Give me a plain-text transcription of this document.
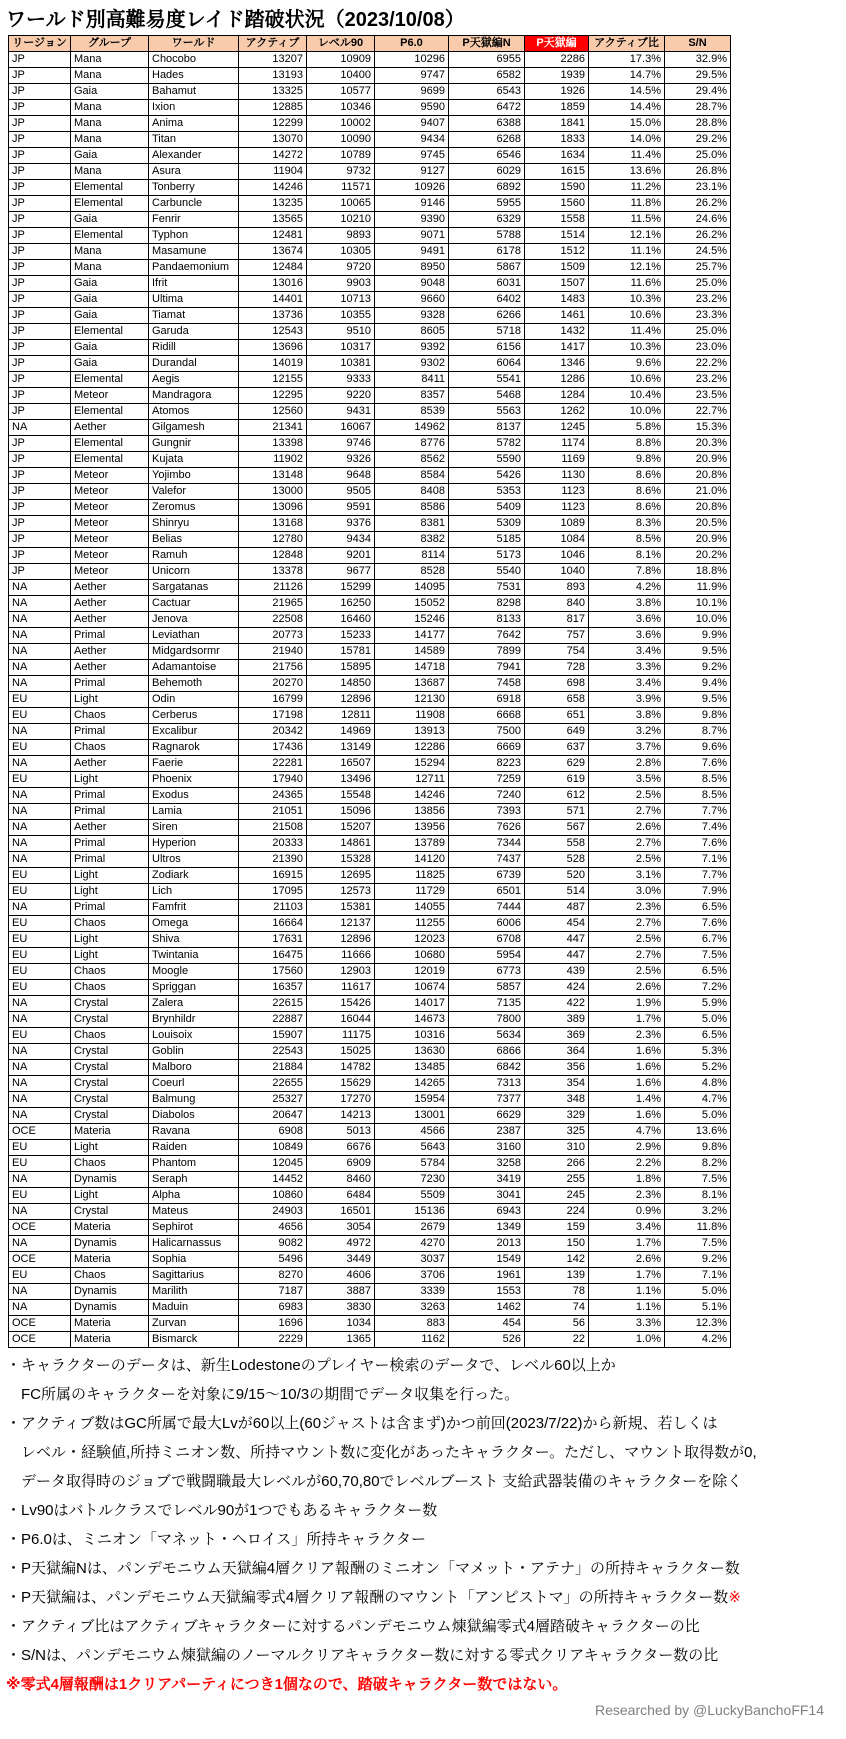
ワールド別高難易度レイド踏破状況（2023/10/08）
リージョン	グループ	ワールド	アクティブ	レベル90	P6.0	P天獄編N	P天獄編	アクティブ比	S/N
JP	Mana	Chocobo	13207	10909	10296	6955	2286	17.3%	32.9%
JP	Mana	Hades	13193	10400	9747	6582	1939	14.7%	29.5%
JP	Gaia	Bahamut	13325	10577	9699	6543	1926	14.5%	29.4%
JP	Mana	Ixion	12885	10346	9590	6472	1859	14.4%	28.7%
JP	Mana	Anima	12299	10002	9407	6388	1841	15.0%	28.8%
JP	Mana	Titan	13070	10090	9434	6268	1833	14.0%	29.2%
JP	Gaia	Alexander	14272	10789	9745	6546	1634	11.4%	25.0%
JP	Mana	Asura	11904	9732	9127	6029	1615	13.6%	26.8%
JP	Elemental	Tonberry	14246	11571	10926	6892	1590	11.2%	23.1%
JP	Elemental	Carbuncle	13235	10065	9146	5955	1560	11.8%	26.2%
JP	Gaia	Fenrir	13565	10210	9390	6329	1558	11.5%	24.6%
JP	Elemental	Typhon	12481	9893	9071	5788	1514	12.1%	26.2%
JP	Mana	Masamune	13674	10305	9491	6178	1512	11.1%	24.5%
JP	Mana	Pandaemonium	12484	9720	8950	5867	1509	12.1%	25.7%
JP	Gaia	Ifrit	13016	9903	9048	6031	1507	11.6%	25.0%
JP	Gaia	Ultima	14401	10713	9660	6402	1483	10.3%	23.2%
JP	Gaia	Tiamat	13736	10355	9328	6266	1461	10.6%	23.3%
JP	Elemental	Garuda	12543	9510	8605	5718	1432	11.4%	25.0%
JP	Gaia	Ridill	13696	10317	9392	6156	1417	10.3%	23.0%
JP	Gaia	Durandal	14019	10381	9302	6064	1346	9.6%	22.2%
JP	Elemental	Aegis	12155	9333	8411	5541	1286	10.6%	23.2%
JP	Meteor	Mandragora	12295	9220	8357	5468	1284	10.4%	23.5%
JP	Elemental	Atomos	12560	9431	8539	5563	1262	10.0%	22.7%
NA	Aether	Gilgamesh	21341	16067	14962	8137	1245	5.8%	15.3%
JP	Elemental	Gungnir	13398	9746	8776	5782	1174	8.8%	20.3%
JP	Elemental	Kujata	11902	9326	8562	5590	1169	9.8%	20.9%
JP	Meteor	Yojimbo	13148	9648	8584	5426	1130	8.6%	20.8%
JP	Meteor	Valefor	13000	9505	8408	5353	1123	8.6%	21.0%
JP	Meteor	Zeromus	13096	9591	8586	5409	1123	8.6%	20.8%
JP	Meteor	Shinryu	13168	9376	8381	5309	1089	8.3%	20.5%
JP	Meteor	Belias	12780	9434	8382	5185	1084	8.5%	20.9%
JP	Meteor	Ramuh	12848	9201	8114	5173	1046	8.1%	20.2%
JP	Meteor	Unicorn	13378	9677	8528	5540	1040	7.8%	18.8%
NA	Aether	Sargatanas	21126	15299	14095	7531	893	4.2%	11.9%
NA	Aether	Cactuar	21965	16250	15052	8298	840	3.8%	10.1%
NA	Aether	Jenova	22508	16460	15246	8133	817	3.6%	10.0%
NA	Primal	Leviathan	20773	15233	14177	7642	757	3.6%	9.9%
NA	Aether	Midgardsormr	21940	15781	14589	7899	754	3.4%	9.5%
NA	Aether	Adamantoise	21756	15895	14718	7941	728	3.3%	9.2%
NA	Primal	Behemoth	20270	14850	13687	7458	698	3.4%	9.4%
EU	Light	Odin	16799	12896	12130	6918	658	3.9%	9.5%
EU	Chaos	Cerberus	17198	12811	11908	6668	651	3.8%	9.8%
NA	Primal	Excalibur	20342	14969	13913	7500	649	3.2%	8.7%
EU	Chaos	Ragnarok	17436	13149	12286	6669	637	3.7%	9.6%
NA	Aether	Faerie	22281	16507	15294	8223	629	2.8%	7.6%
EU	Light	Phoenix	17940	13496	12711	7259	619	3.5%	8.5%
NA	Primal	Exodus	24365	15548	14246	7240	612	2.5%	8.5%
NA	Primal	Lamia	21051	15096	13856	7393	571	2.7%	7.7%
NA	Aether	Siren	21508	15207	13956	7626	567	2.6%	7.4%
NA	Primal	Hyperion	20333	14861	13789	7344	558	2.7%	7.6%
NA	Primal	Ultros	21390	15328	14120	7437	528	2.5%	7.1%
EU	Light	Zodiark	16915	12695	11825	6739	520	3.1%	7.7%
EU	Light	Lich	17095	12573	11729	6501	514	3.0%	7.9%
NA	Primal	Famfrit	21103	15381	14055	7444	487	2.3%	6.5%
EU	Chaos	Omega	16664	12137	11255	6006	454	2.7%	7.6%
EU	Light	Shiva	17631	12896	12023	6708	447	2.5%	6.7%
EU	Light	Twintania	16475	11666	10680	5954	447	2.7%	7.5%
EU	Chaos	Moogle	17560	12903	12019	6773	439	2.5%	6.5%
EU	Chaos	Spriggan	16357	11617	10674	5857	424	2.6%	7.2%
NA	Crystal	Zalera	22615	15426	14017	7135	422	1.9%	5.9%
NA	Crystal	Brynhildr	22887	16044	14673	7800	389	1.7%	5.0%
EU	Chaos	Louisoix	15907	11175	10316	5634	369	2.3%	6.5%
NA	Crystal	Goblin	22543	15025	13630	6866	364	1.6%	5.3%
NA	Crystal	Malboro	21884	14782	13485	6842	356	1.6%	5.2%
NA	Crystal	Coeurl	22655	15629	14265	7313	354	1.6%	4.8%
NA	Crystal	Balmung	25327	17270	15954	7377	348	1.4%	4.7%
NA	Crystal	Diabolos	20647	14213	13001	6629	329	1.6%	5.0%
OCE	Materia	Ravana	6908	5013	4566	2387	325	4.7%	13.6%
EU	Light	Raiden	10849	6676	5643	3160	310	2.9%	9.8%
EU	Chaos	Phantom	12045	6909	5784	3258	266	2.2%	8.2%
NA	Dynamis	Seraph	14452	8460	7230	3419	255	1.8%	7.5%
EU	Light	Alpha	10860	6484	5509	3041	245	2.3%	8.1%
NA	Crystal	Mateus	24903	16501	15136	6943	224	0.9%	3.2%
OCE	Materia	Sephirot	4656	3054	2679	1349	159	3.4%	11.8%
NA	Dynamis	Halicarnassus	9082	4972	4270	2013	150	1.7%	7.5%
OCE	Materia	Sophia	5496	3449	3037	1549	142	2.6%	9.2%
EU	Chaos	Sagittarius	8270	4606	3706	1961	139	1.7%	7.1%
NA	Dynamis	Marilith	7187	3887	3339	1553	78	1.1%	5.0%
NA	Dynamis	Maduin	6983	3830	3263	1462	74	1.1%	5.1%
OCE	Materia	Zurvan	1696	1034	883	454	56	3.3%	12.3%
OCE	Materia	Bismarck	2229	1365	1162	526	22	1.0%	4.2%
・キャラクターのデータは、新生Lodestoneのプレイヤー検索のデータで、レベル60以上か
　FC所属のキャラクターを対象に9/15～10/3の期間でデータ収集を行った。
・アクティブ数はGC所属で最大Lvが60以上(60ジャストは含まず)かつ前回(2023/7/22)から新規、若しくは
　レベル・経験値,所持ミニオン数、所持マウント数に変化があったキャラクター。ただし、マウント取得数が0,
　データ取得時のジョブで戦闘職最大レベルが60,70,80でレベルブースト 支給武器装備のキャラクターを除く
・Lv90はバトルクラスでレベル90が1つでもあるキャラクター数
・P6.0は、ミニオン「マネット・ヘロイス」所持キャラクター
・P天獄編Nは、パンデモニウム天獄編4層クリア報酬のミニオン「マメット・アテナ」の所持キャラクター数
・P天獄編は、パンデモニウム天獄編零式4層クリア報酬のマウント「アンピストマ」の所持キャラクター数※
・アクティブ比はアクティブキャラクターに対するパンデモニウム煉獄編零式4層踏破キャラクターの比
・S/Nは、パンデモニウム煉獄編のノーマルクリアキャラクター数に対する零式クリアキャラクター数の比
※零式4層報酬は1クリアパーティにつき1個なので、踏破キャラクター数ではない。
Researched by @LuckyBanchoFF14
